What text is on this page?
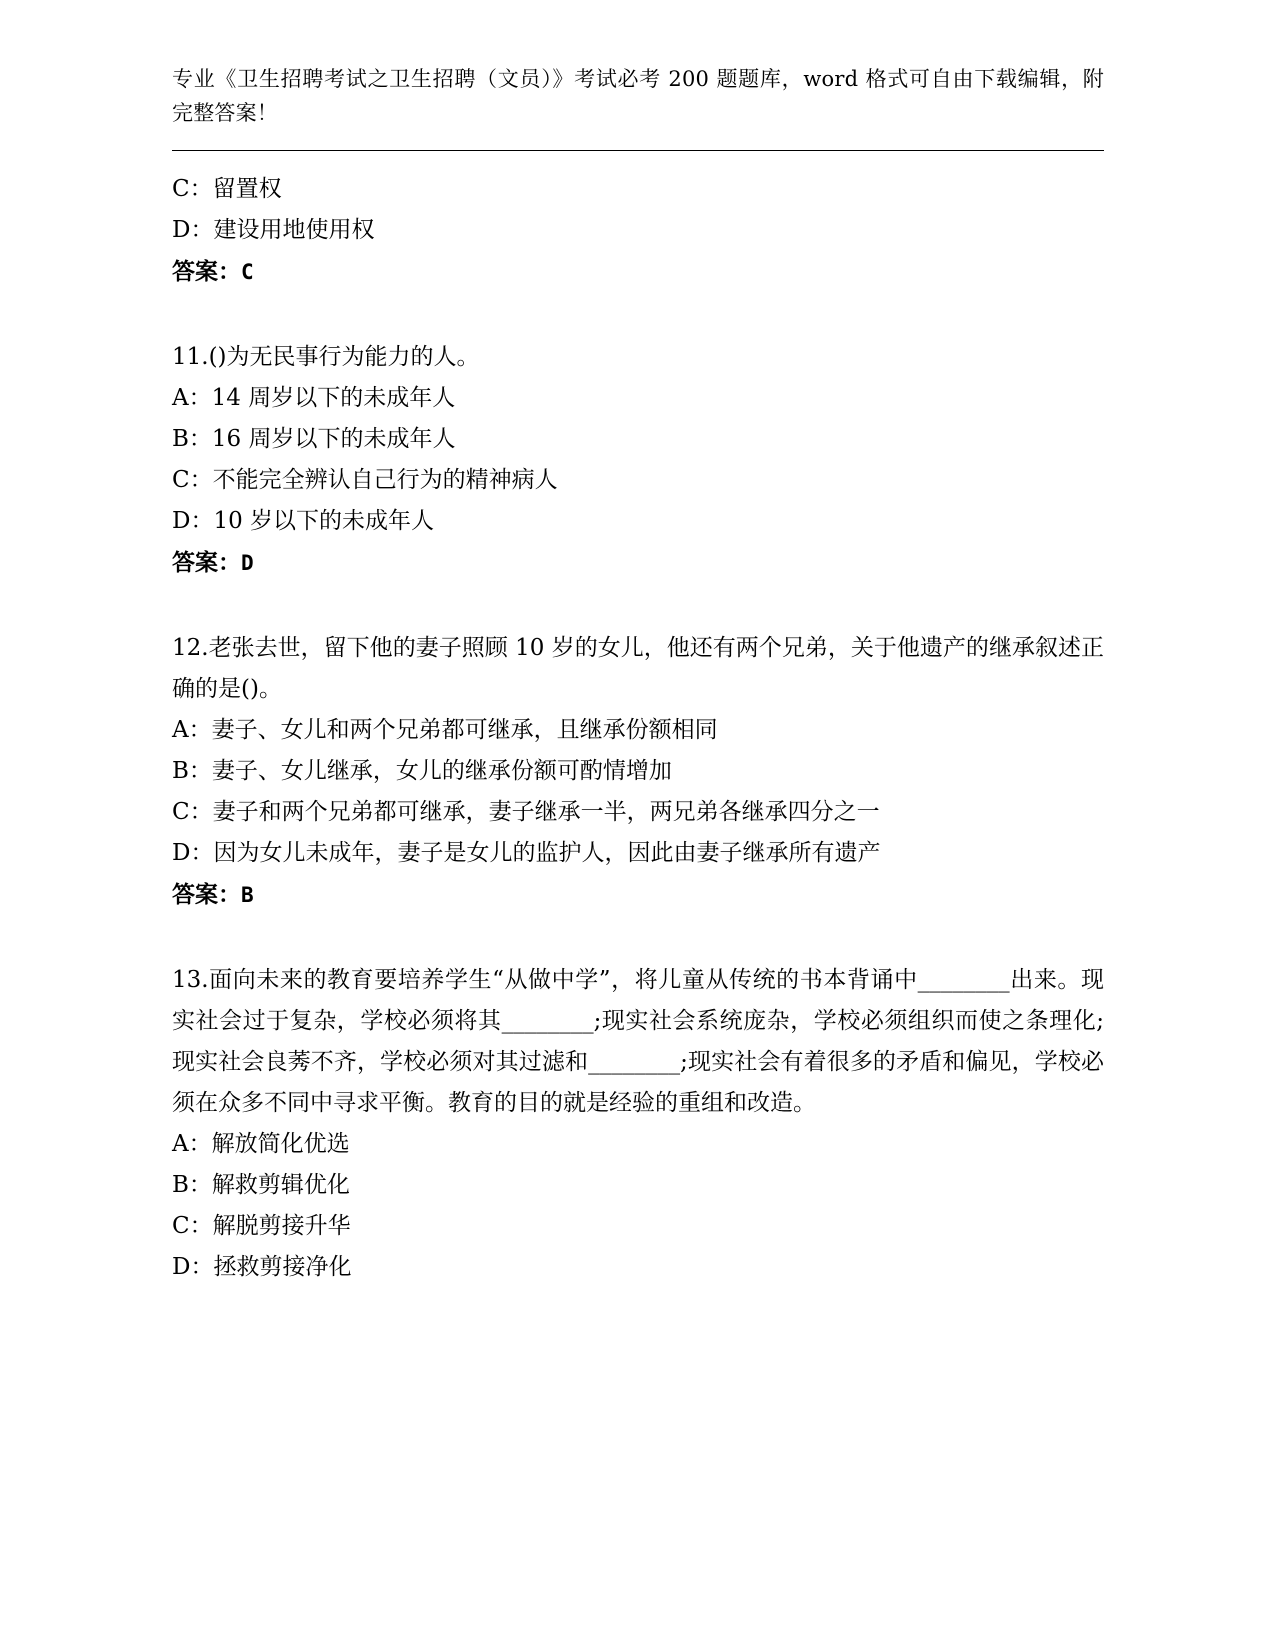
专业《卫生招聘考试之卫生招聘（文员）》考试必考 200 题题库，word 格式可自由下载编辑，附完整答案！
C：留置权
D：建设用地使用权
答案：C
11.()为无民事行为能力的人。
A：14 周岁以下的未成年人
B：16 周岁以下的未成年人
C：不能完全辨认自己行为的精神病人
D：10 岁以下的未成年人
答案：D
12.老张去世，留下他的妻子照顾 10 岁的女儿，他还有两个兄弟，关于他遗产的继承叙述正确的是()。
A：妻子、女儿和两个兄弟都可继承，且继承份额相同
B：妻子、女儿继承，女儿的继承份额可酌情增加
C：妻子和两个兄弟都可继承，妻子继承一半，两兄弟各继承四分之一
D：因为女儿未成年，妻子是女儿的监护人，因此由妻子继承所有遗产
答案：B
13.面向未来的教育要培养学生“从做中学”，将儿童从传统的书本背诵中________出来。现实社会过于复杂，学校必须将其________;现实社会系统庞杂，学校必须组织而使之条理化;现实社会良莠不齐，学校必须对其过滤和________;现实社会有着很多的矛盾和偏见，学校必须在众多不同中寻求平衡。教育的目的就是经验的重组和改造。
A：解放简化优选
B：解救剪辑优化
C：解脱剪接升华
D：拯救剪接净化
